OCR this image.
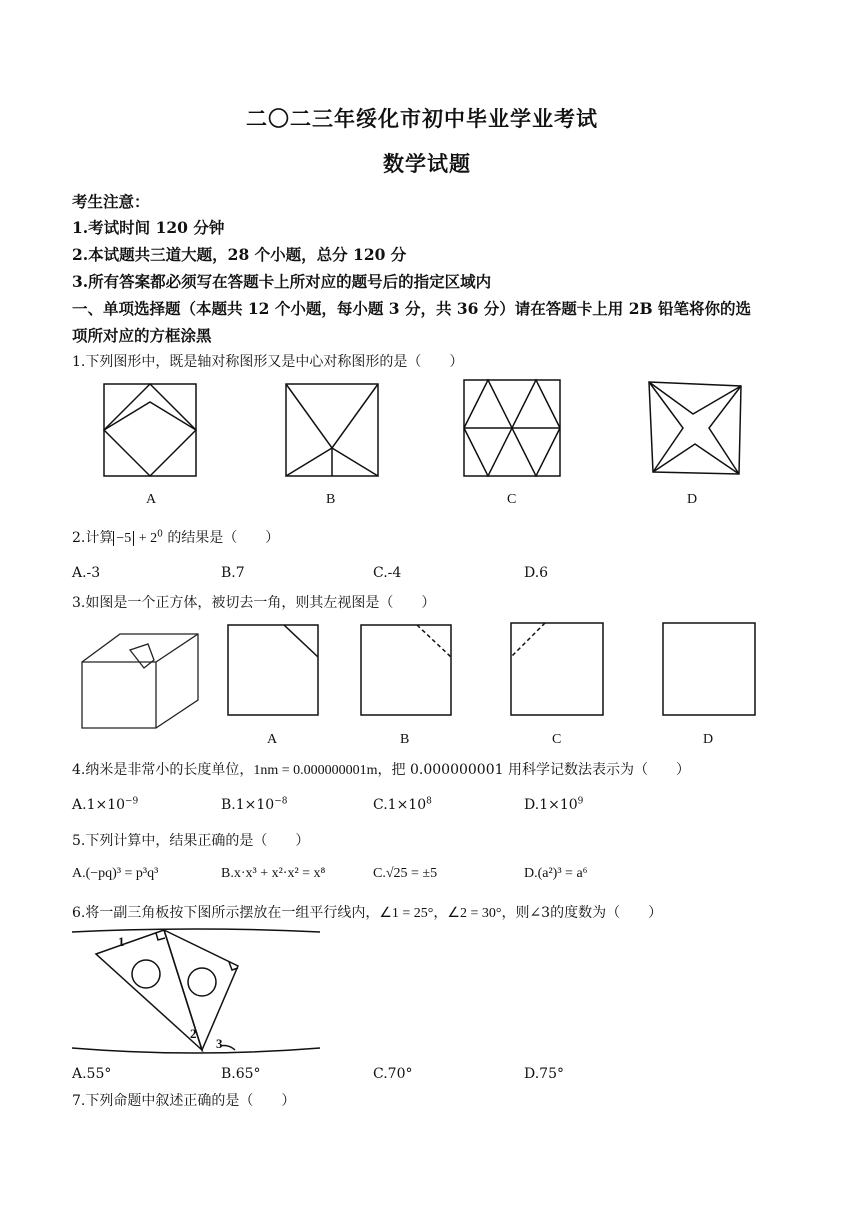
二〇二三年绥化市初中毕业学业考试
数学试题
考生注意：
1.考试时间 120 分钟
2.本试题共三道大题，28 个小题，总分 120 分
3.所有答案都必须写在答题卡上所对应的题号后的指定区域内
一、单项选择题（本题共 12 个小题，每小题 3 分，共 36 分）请在答题卡上用 2B 铅笔将你的选
项所对应的方框涂黑
1.下列图形中，既是轴对称图形又是中心对称图形的是（　　）
A	B	C	D
2.计算 $-5 + 2^0$ 的结果是（　　）
A.-3	B.7	C.-4	D.6
3.如图是一个正方体，被切去一角，则其左视图是（　　）
A	B	C	D
4.纳米是非常小的长度单位，1nm = 0.000000001m，把 0.000000001 用科学记数法表示为（　　）
$A.1\times 10^{-9}$	$B.1\times 10^{-8}$	$C.1\times 10^8$	$D.1\times 10^9$
5.下列计算中，结果正确的是（　　）
A.(−pq)³ = p³q³	B.x·x³ + x²·x² = x⁸	C.√25 = ±5	D.(a²)³ = a⁶
6.将一副三角板按下图所示摆放在一组平行线内，∠1 = 25°，∠2 = 30°，则∠3的度数为（　　）
1
2
3
A.55°	B.65°	C.70°	D.75°
7.下列命题中叙述正确的是（　　）
